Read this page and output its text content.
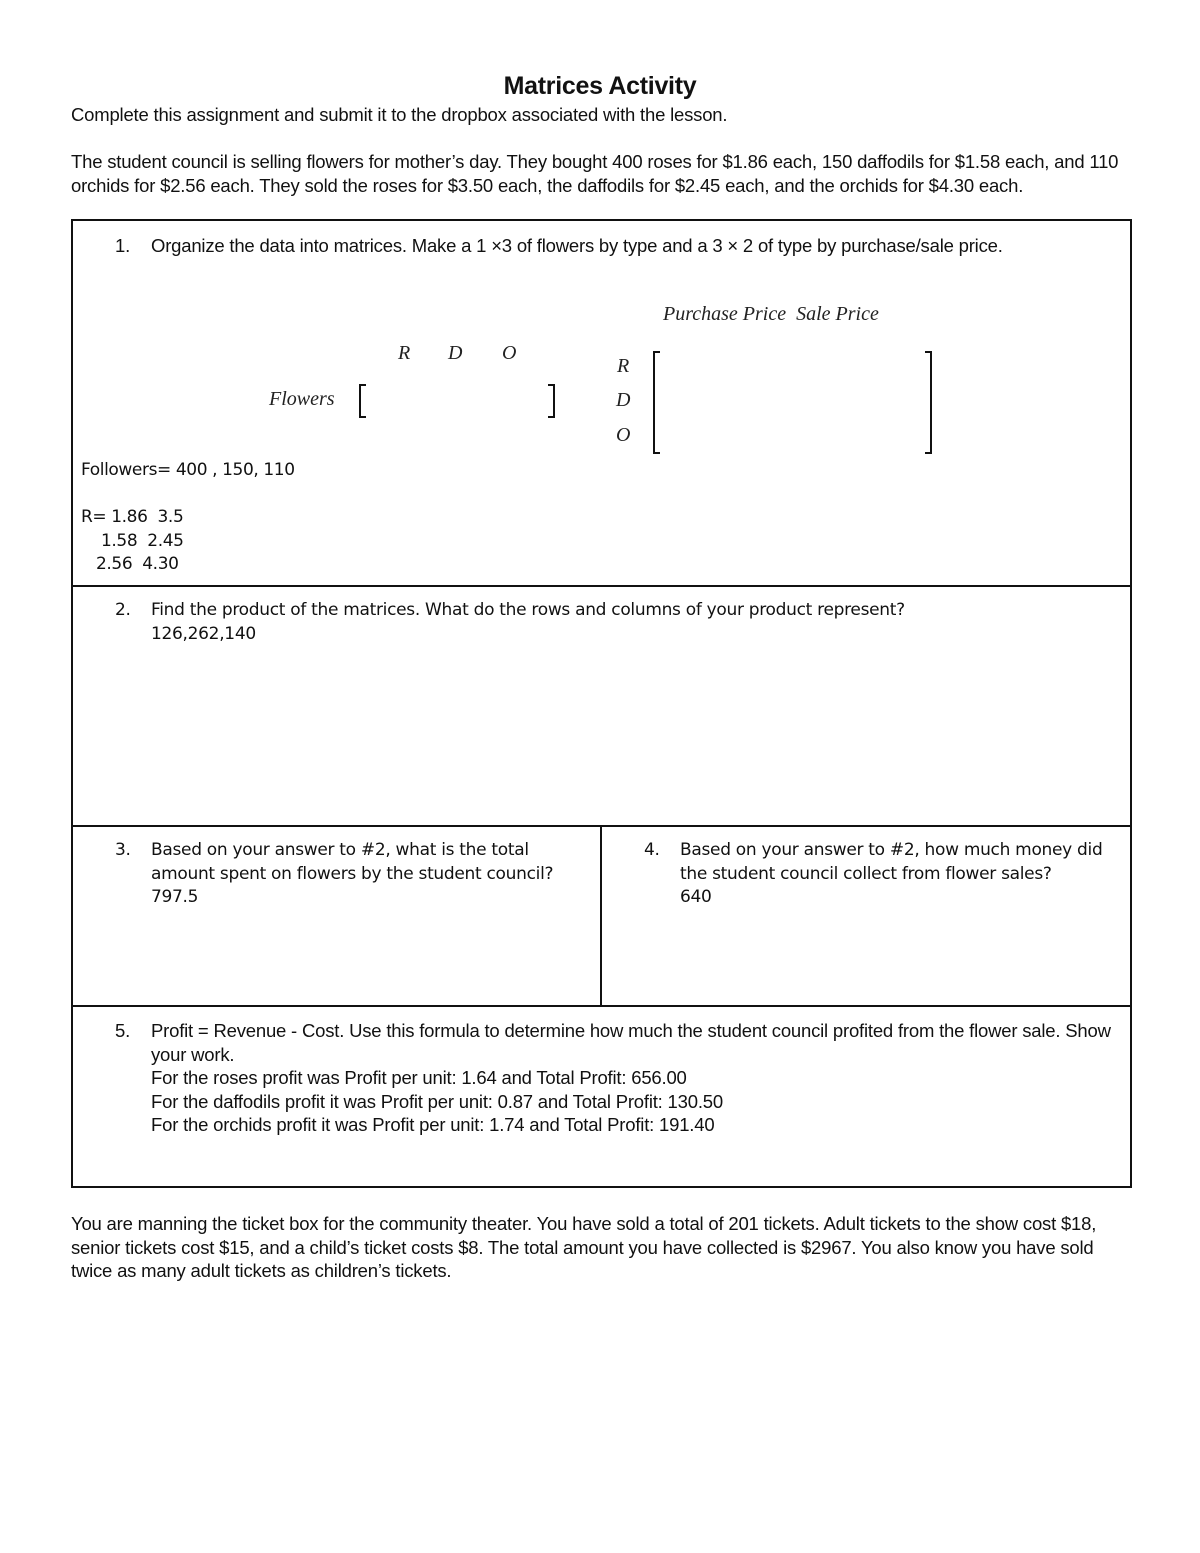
Matrices Activity
Complete this assignment and submit it to the dropbox associated with the lesson.
The student council is selling flowers for mother’s day. They bought 400 roses for $1.86 each, 150 daffodils for $1.58 each, and 110 orchids for $2.56 each. They sold the roses for $3.50 each, the daffodils for $2.45 each, and the orchids for $4.30 each.
1.	Organize the data into matrices. Make a 1 ×3 of flowers by type and a 3 × 2 of type by purchase/sale price.
R D O
Flowers
Purchase Price  Sale Price
R
D
O
Followers= 400 , 150, 110
R= 1.86  3.5
1.58  2.45
2.56  4.30
2.	Find the product of the matrices. What do the rows and columns of your product represent?
126,262,140
3.	Based on your answer to #2, what is the total amount spent on flowers by the student council?
797.5
4.	Based on your answer to #2, how much money did the student council collect from flower sales?
640
5.	Profit = Revenue - Cost. Use this formula to determine how much the student council profited from the flower sale. Show your work.
For the roses profit was Profit per unit: 1.64 and Total Profit: 656.00
For the daffodils profit it was Profit per unit: 0.87 and Total Profit: 130.50
For the orchids profit it was Profit per unit: 1.74 and Total Profit: 191.40
You are manning the ticket box for the community theater. You have sold a total of 201 tickets. Adult tickets to the show cost $18, senior tickets cost $15, and a child’s ticket costs $8. The total amount you have collected is $2967. You also know you have sold twice as many adult tickets as children’s tickets.
